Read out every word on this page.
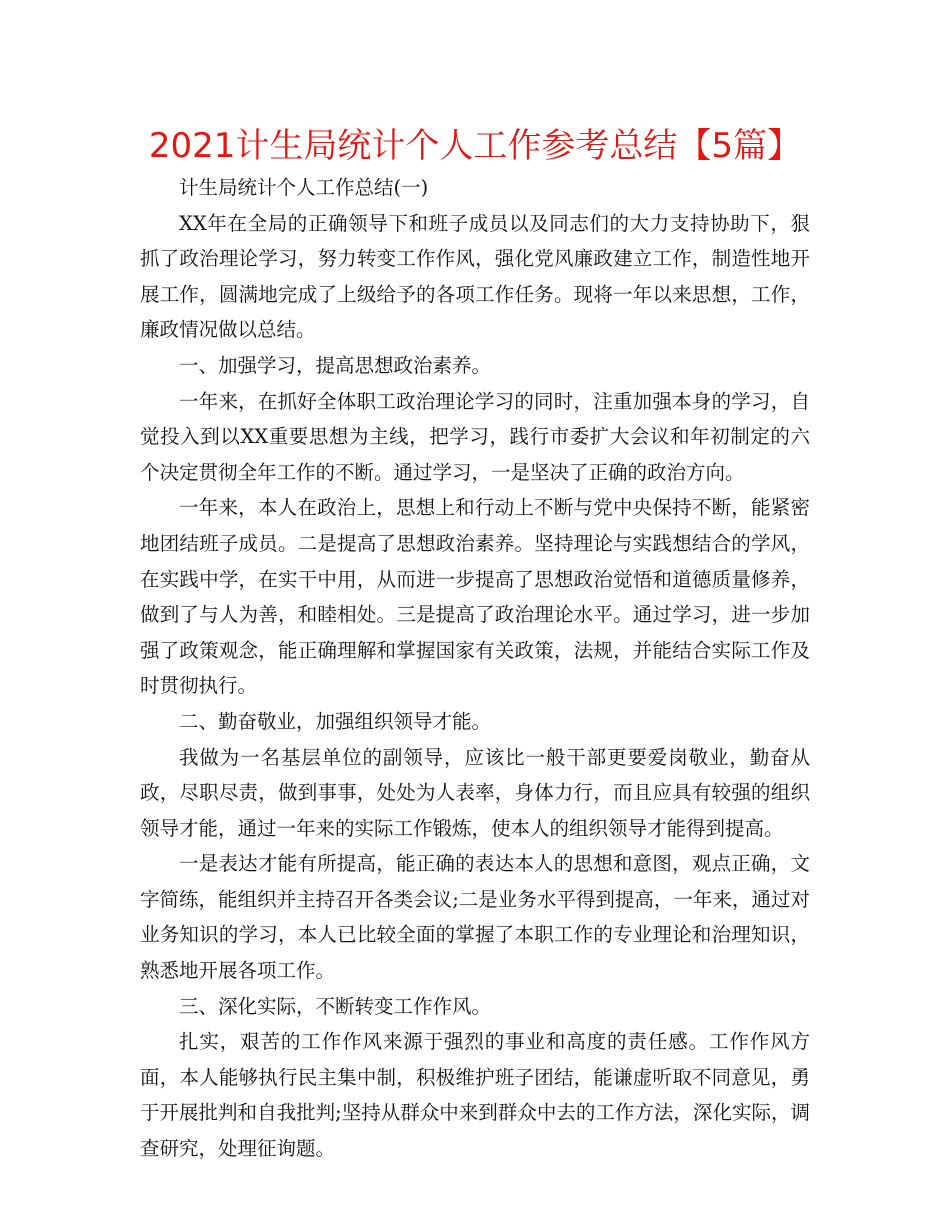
2021计生局统计个人工作参考总结【5篇】

计生局统计个人工作总结(一)

XX年在全局的正确领导下和班子成员以及同志们的大力支持协助下，狠抓了政治理论学习，努力转变工作作风，强化党风廉政建立工作，制造性地开展工作，圆满地完成了上级给予的各项工作任务。现将一年以来思想，工作，廉政情况做以总结。

一、加强学习，提高思想政治素养。

一年来，在抓好全体职工政治理论学习的同时，注重加强本身的学习，自觉投入到以XX重要思想为主线，把学习，践行市委扩大会议和年初制定的六个决定贯彻全年工作的不断。通过学习，一是坚决了正确的政治方向。

一年来，本人在政治上，思想上和行动上不断与党中央保持不断，能紧密地团结班子成员。二是提高了思想政治素养。坚持理论与实践想结合的学风，在实践中学，在实干中用，从而进一步提高了思想政治觉悟和道德质量修养，做到了与人为善，和睦相处。三是提高了政治理论水平。通过学习，进一步加强了政策观念，能正确理解和掌握国家有关政策，法规，并能结合实际工作及时贯彻执行。

二、勤奋敬业，加强组织领导才能。

我做为一名基层单位的副领导，应该比一般干部更要爱岗敬业，勤奋从政，尽职尽责，做到事事，处处为人表率，身体力行，而且应具有较强的组织领导才能，通过一年来的实际工作锻炼，使本人的组织领导才能得到提高。

一是表达才能有所提高，能正确的表达本人的思想和意图，观点正确，文字简练，能组织并主持召开各类会议;二是业务水平得到提高，一年来，通过对业务知识的学习，本人已比较全面的掌握了本职工作的专业理论和治理知识，熟悉地开展各项工作。

三、深化实际，不断转变工作作风。

扎实，艰苦的工作作风来源于强烈的事业和高度的责任感。工作作风方面，本人能够执行民主集中制，积极维护班子团结，能谦虚听取不同意见，勇于开展批判和自我批判;坚持从群众中来到群众中去的工作方法，深化实际，调查研究，处理征询题。
